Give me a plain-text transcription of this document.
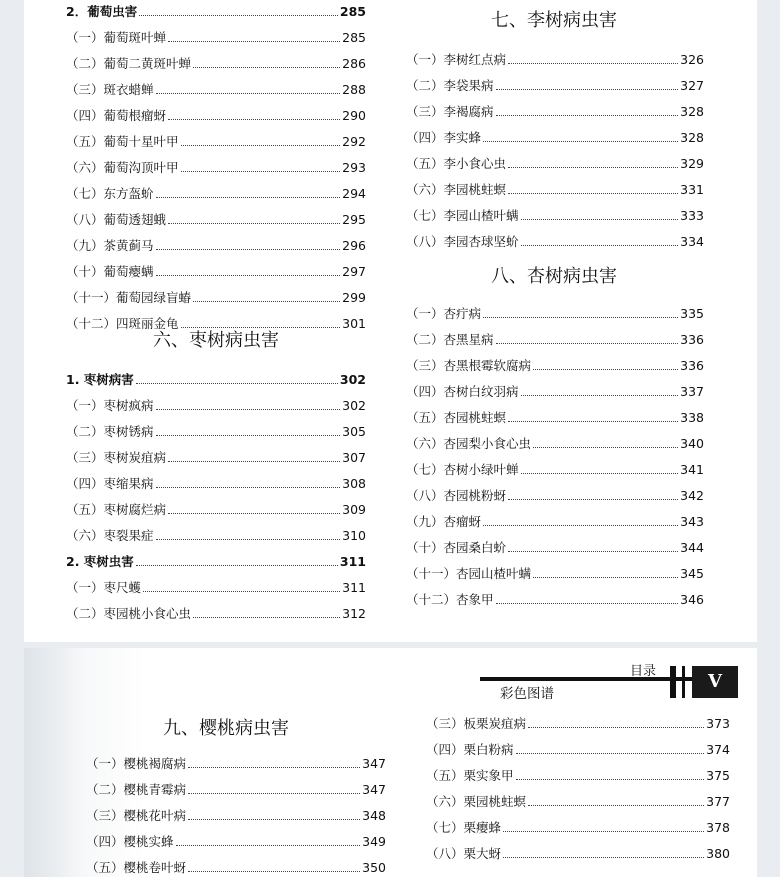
2．葡萄虫害	285
（一）葡萄斑叶蝉	285
（二）葡萄二黄斑叶蝉	286
（三）斑衣蜡蝉	288
（四）葡萄根瘤蚜	290
（五）葡萄十星叶甲	292
（六）葡萄沟顶叶甲	293
（七）东方盔蚧	294
（八）葡萄透翅蛾	295
（九）茶黄蓟马	296
（十）葡萄瘿螨	297
（十一）葡萄园绿盲蝽	299
（十二）四斑丽金龟	301
六、枣树病虫害
1. 枣树病害	302
（一）枣树疯病	302
（二）枣树锈病	305
（三）枣树炭疽病	307
（四）枣缩果病	308
（五）枣树腐烂病	309
（六）枣裂果症	310
2. 枣树虫害	311
（一）枣尺蠖	311
（二）枣园桃小食心虫	312
七、李树病虫害
（一）李树红点病	326
（二）李袋果病	327
（三）李褐腐病	328
（四）李实蜂	328
（五）李小食心虫	329
（六）李园桃蛀螟	331
（七）李园山楂叶螨	333
（八）李园杏球坚蚧	334
八、杏树病虫害
（一）杏疔病	335
（二）杏黑星病	336
（三）杏黑根霉软腐病	336
（四）杏树白纹羽病	337
（五）杏园桃蛀螟	338
（六）杏园梨小食心虫	340
（七）杏树小绿叶蝉	341
（八）杏园桃粉蚜	342
（九）杏瘤蚜	343
（十）杏园桑白蚧	344
（十一）杏园山楂叶螨	345
（十二）杏象甲	346
目录
彩色图谱
V
九、樱桃病虫害
（一）樱桃褐腐病	347
（二）樱桃青霉病	347
（三）樱桃花叶病	348
（四）樱桃实蜂	349
（五）樱桃卷叶蚜	350
（三）板栗炭疽病	373
（四）栗白粉病	374
（五）栗实象甲	375
（六）栗园桃蛀螟	377
（七）栗瘿蜂	378
（八）栗大蚜	380
